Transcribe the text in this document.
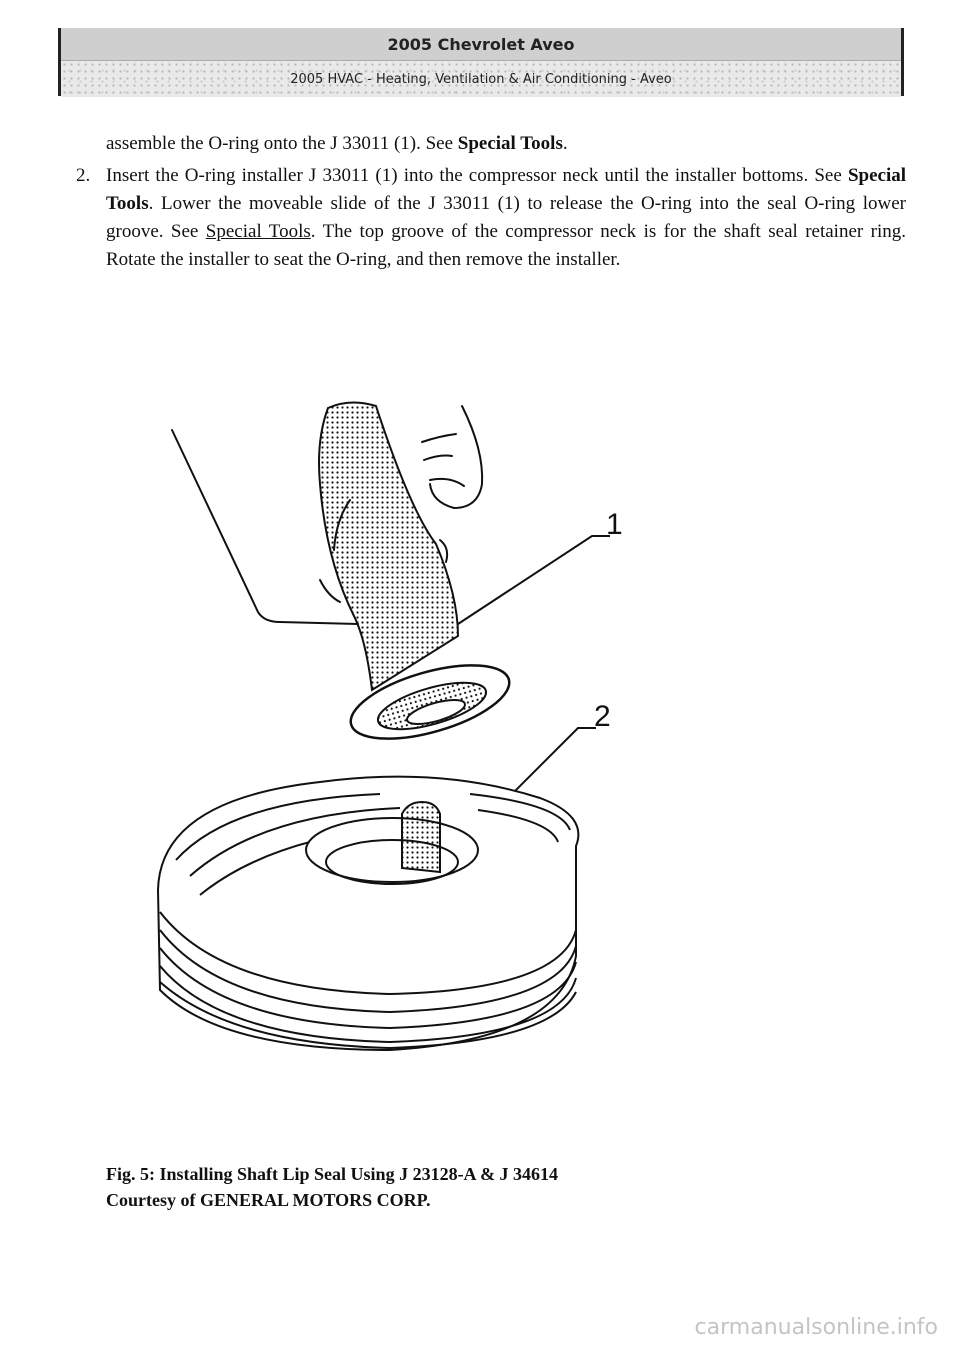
2005 Chevrolet Aveo
2005 HVAC - Heating, Ventilation & Air Conditioning - Aveo
assemble the O-ring onto the J 33011 (1). See Special Tools.
2. Insert the O-ring installer J 33011 (1) into the compressor neck until the installer bottoms. See Special Tools. Lower the moveable slide of the J 33011 (1) to release the O-ring into the seal O-ring lower groove. See Special Tools. The top groove of the compressor neck is for the shaft seal retainer ring. Rotate the installer to seat the O-ring, and then remove the installer.
1
2
Fig. 5: Installing Shaft Lip Seal Using J 23128-A & J 34614
Courtesy of GENERAL MOTORS CORP.
carmanualsonline.info
